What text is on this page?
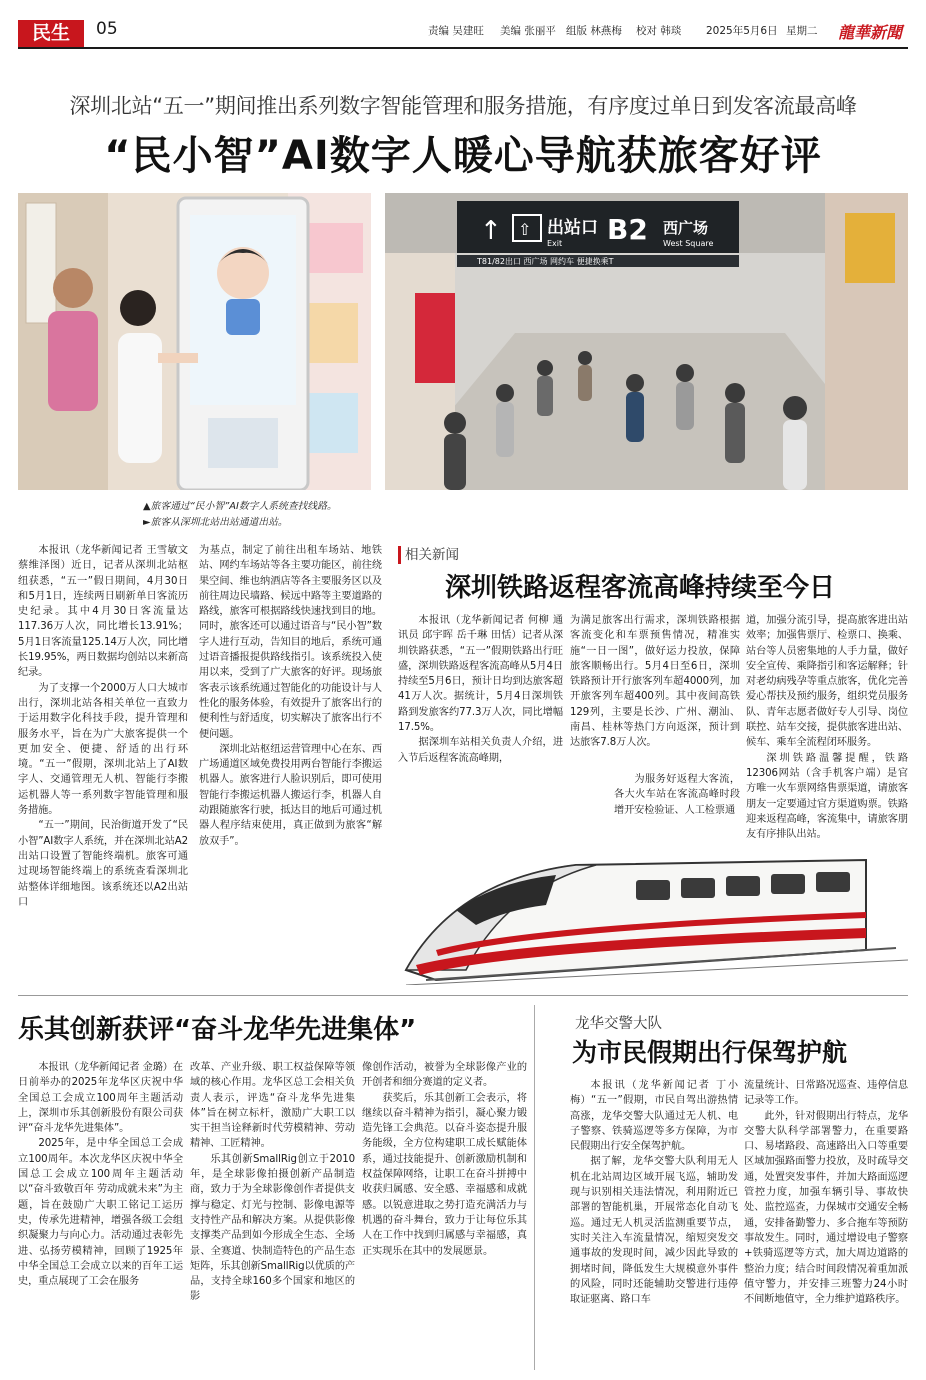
民生	05	责编 吴建旺 美编 张丽平 组版 林燕梅 校对 韩琰 2025年5月6日 星期二 龍華新聞
深圳北站“五一”期间推出系列数字智能管理和服务措施，有序度过单日到发客流最高峰
“民小智”AI数字人暖心导航获旅客好评
↑ ⇧ 出站口
Exit B2 西广场
West Square
T81/82出口 西广场 网约车 便捷换乘T
▲旅客通过“民小智”AI数字人系统查找线路。
►旅客从深圳北站出站通道出站。

本报讯（龙华新闻记者 王雪敏文 蔡维泽图）近日，记者从深圳北站枢纽获悉，“五一”假日期间，4月30日和5月1日，连续两日刷新单日客流历史纪录。其中4月30日客流量达117.36万人次，同比增长13.91%；5月1日客流量125.14万人次，同比增长19.95%，两日数据均创站以来新高纪录。

为了支撑一个2000万人口大城市出行，深圳北站各相关单位一直致力于运用数字化科技手段，提升管理和服务水平，旨在为广大旅客提供一个更加安全、便捷、舒适的出行环境。“五一”假期，深圳北站上了AI数字人、交通管理无人机、智能行李搬运机器人等一系列数字智能管理和服务措施。

“五一”期间，民治街道开发了“民小智”AI数字人系统，并在深圳北站A2出站口设置了智能终端机。旅客可通过现场智能终端上的系统查看深圳北站整体详细地图。该系统还以A2出站口

为基点，制定了前往出租车场站、地铁站、网约车场站等各主要功能区，前往绕果空间、维也纳酒店等各主要服务区以及前往周边民墙路、候远中路等主要道路的路线，旅客可根据路线快速找到目的地。同时，旅客还可以通过语音与“民小智”数字人进行互动，告知目的地后，系统可通过语音播报提供路线指引。该系统投入使用以来，受到了广大旅客的好评。现场旅客表示该系统通过智能化的功能设计与人性化的服务体验，有效提升了旅客出行的便利性与舒适度，切实解决了旅客出行不便问题。

深圳北站枢纽运营管理中心在东、西广场通道区域免费投用两台智能行李搬运机器人。旅客进行人脸识别后，即可使用智能行李搬运机器人搬运行李，机器人自动跟随旅客行驶，抵达目的地后可通过机器人程序结束使用，真正做到为旅客“解放双手”。

相关新闻
深圳铁路返程客流高峰持续至今日

本报讯（龙华新闻记者 何柳 通讯员 邱宇晖 岳千琳 田恬）记者从深圳铁路获悉，“五一”假期铁路出行旺盛，深圳铁路返程客流高峰从5月4日持续至5月6日，预计日均到达旅客超41万人次。据统计，5月4日深圳铁路到发旅客约77.3万人次，同比增幅17.5%。

据深圳车站相关负责人介绍，进入节后返程客流高峰期，

为满足旅客出行需求，深圳铁路根据客流变化和车票预售情况，精准实施“一日一图”，做好运力投放，保障旅客顺畅出行。5月4日至6日，深圳铁路预计开行旅客列车超4000列，加开旅客列车超400列。其中夜间高铁129列，主要是长沙、广州、潮汕、南昌、桂林等热门方向返深，预计到达旅客7.8万人次。

为服务好返程大客流，各大火车站在客流高峰时段增开安检验证、人工检票通

道，加强分流引导，提高旅客进出站效率；加强售票厅、检票口、换乘、站台等人员密集地的人手力量，做好安全宣传、乘降指引和客运解释；针对老幼病残孕等重点旅客，优化完善爱心帮扶及预约服务，组织党员服务队、青年志愿者做好专人引导、岗位联控、站车交接，提供旅客进出站、候车、乘车全流程闭环服务。

深圳铁路温馨提醒，铁路12306网站（含手机客户端）是官方唯一火车票网络售票渠道，请旅客朋友一定要通过官方渠道购票。铁路迎来返程高峰，客流集中，请旅客朋友有序排队出站。

乐其创新获评“奋斗龙华先进集体”

本报讯（龙华新闻记者 金璐）在日前举办的2025年龙华区庆祝中华全国总工会成立100周年主题活动上，深圳市乐其创新股份有限公司获评“奋斗龙华先进集体”。

2025年，是中华全国总工会成立100周年。本次龙华区庆祝中华全国总工会成立100周年主题活动以“奋斗致敬百年 劳动成就未来”为主题，旨在鼓励广大职工铭记工运历史，传承先进精神，增强各级工会组织凝聚力与向心力。活动通过表彰先进、弘扬劳模精神，回顾了1925年中华全国总工会成立以来的百年工运史，重点展现了工会在服务

改革、产业升级、职工权益保障等领域的核心作用。龙华区总工会相关负责人表示，评选“奋斗龙华先进集体”旨在树立标杆，激励广大职工以实干担当诠释新时代劳模精神、劳动精神、工匠精神。

乐其创新SmallRig创立于2010年，是全球影像拍摄创新产品制造商，致力于为全球影像创作者提供支撑与稳定、灯光与控制、影像电源等支持性产品和解决方案。从提供影像支撑类产品到如今形成全生态、全场景、全赛道、快制造特色的产品生态矩阵，乐其创新SmallRig以优质的产品，支持全球160多个国家和地区的影

像创作活动，被誉为全球影像产业的开创者和细分赛道的定义者。

获奖后，乐其创新工会表示，将继续以奋斗精神为指引，凝心聚力锻造先锋工会典范。以奋斗姿态提升服务能级，全方位构建职工成长赋能体系，通过技能提升、创新激励机制和权益保障网络，让职工在奋斗拼搏中收获归属感、安全感、幸福感和成就感。以锐意进取之势打造充满活力与机遇的奋斗舞台，致力于让每位乐其人在工作中找到归属感与幸福感，真正实现乐在其中的发展愿景。

龙华交警大队
为市民假期出行保驾护航

本报讯（龙华新闻记者 丁小梅）“五一”假期，市民自驾出游热情高涨，龙华交警大队通过无人机、电子警察、铁骑巡逻等多方保障，为市民假期出行安全保驾护航。

据了解，龙华交警大队利用无人机在北站周边区域开展飞巡，辅助发现与识别相关违法情况，利用附近已部署的智能机巢，开展常态化自动飞巡。通过无人机灵活监测重要节点，实时关注入车流量情况，缩短突发交通事故的发现时间，减少因此导致的拥堵时间，降低发生大规模意外事件的风险，同时还能辅助交警进行违停取证驱离、路口车

流量统计、日常路况巡查、违停信息记录等工作。

此外，针对假期出行特点，龙华交警大队科学部署警力，在重要路口、易堵路段、高速路出入口等重要区域加强路面警力投放，及时疏导交通，处置突发事件，并加大路面巡逻管控力度，加强车辆引导、事故快处、监控巡查，力保城市交通安全畅通，安排备勤警力、多合拖车等预防事故发生。同时，通过增设电子警察+铁骑巡逻等方式，加大周边道路的整治力度；结合时间段情况着重加派值守警力，并安排三班警力24小时不间断地值守，全力维护道路秩序。
